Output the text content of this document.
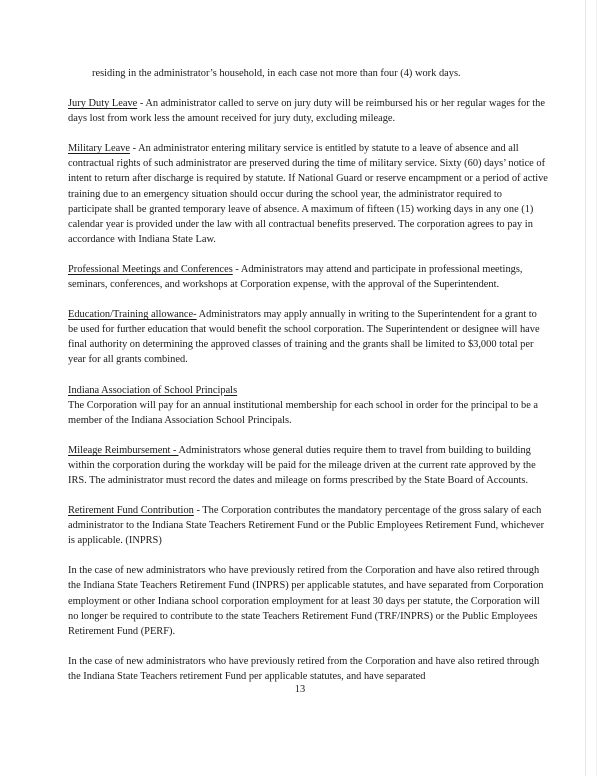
residing in the administrator’s household, in each case not more than four (4) work days.

Jury Duty Leave - An administrator called to serve on jury duty will be reimbursed his or her regular wages for the days lost from work less the amount received for jury duty, excluding mileage.

Military Leave - An administrator entering military service is entitled by statute to a leave of absence and all contractual rights of such administrator are preserved during the time of military service. Sixty (60) days’ notice of intent to return after discharge is required by statute. If National Guard or reserve encampment or a period of active training due to an emergency situation should occur during the school year, the administrator required to participate shall be granted temporary leave of absence. A maximum of fifteen (15) working days in any one (1) calendar year is provided under the law with all contractual benefits preserved. The corporation agrees to pay in accordance with Indiana State Law.

Professional Meetings and Conferences - Administrators may attend and participate in professional meetings, seminars, conferences, and workshops at Corporation expense, with the approval of the Superintendent.

Education/Training allowance- Administrators may apply annually in writing to the Superintendent for a grant to be used for further education that would benefit the school corporation. The Superintendent or designee will have final authority on determining the approved classes of training and the grants shall be limited to $3,000 total per year for all grants combined.

Indiana Association of School Principals
The Corporation will pay for an annual institutional membership for each school in order for the principal to be a member of the Indiana Association School Principals.

Mileage Reimbursement - Administrators whose general duties require them to travel from building to building within the corporation during the workday will be paid for the mileage driven at the current rate approved by the IRS. The administrator must record the dates and mileage on forms prescribed by the State Board of Accounts.

Retirement Fund Contribution - The Corporation contributes the mandatory percentage of the gross salary of each administrator to the Indiana State Teachers Retirement Fund or the Public Employees Retirement Fund, whichever is applicable. (INPRS)

In the case of new administrators who have previously retired from the Corporation and have also retired through the Indiana State Teachers Retirement Fund (INPRS) per applicable statutes, and have separated from Corporation employment or other Indiana school corporation employment for at least 30 days per statute, the Corporation will no longer be required to contribute to the state Teachers Retirement Fund (TRF/INPRS) or the Public Employees Retirement Fund (PERF).

In the case of new administrators who have previously retired from the Corporation and have also retired through the Indiana State Teachers retirement Fund per applicable statutes, and have separated

13
